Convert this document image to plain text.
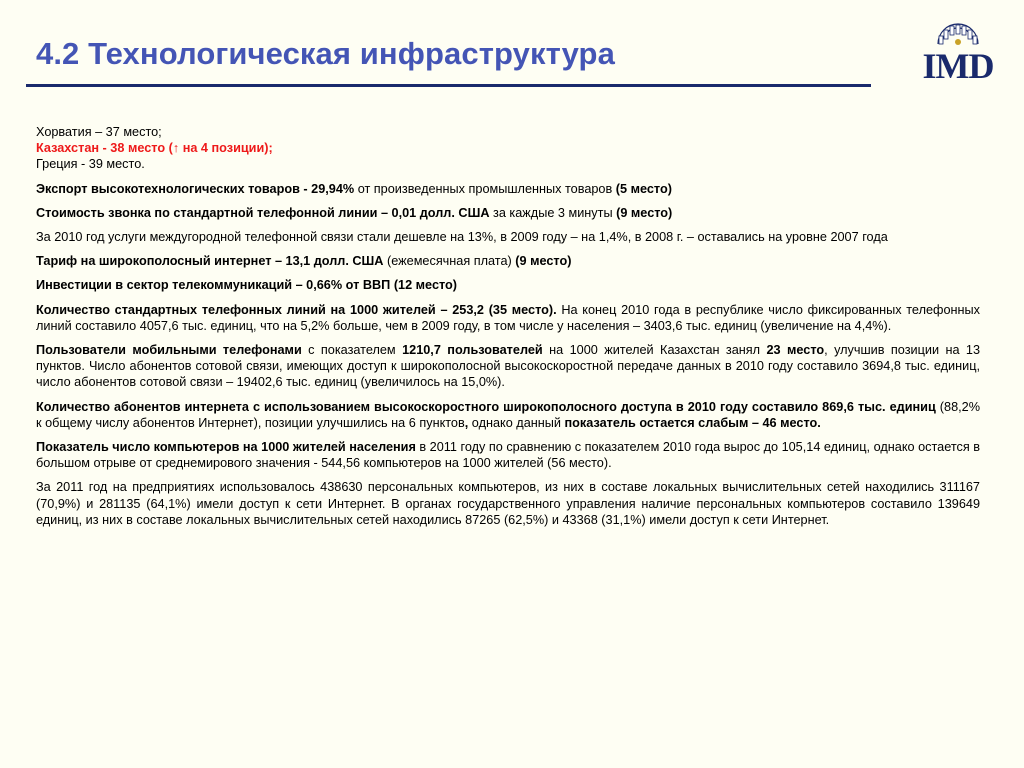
4.2 Технологическая инфраструктура	IMD

Хорватия – 37 место;

Казахстан - 38 место (↑ на 4 позиции);

Греция - 39 место.

Экспорт высокотехнологических товаров - 29,94% от произведенных промышленных товаров (5 место)

Стоимость звонка по стандартной телефонной линии – 0,01 долл. США за каждые 3 минуты (9 место)

За 2010 год услуги междугородной телефонной связи стали дешевле на 13%, в 2009 году – на 1,4%, в 2008 г. – оставались на уровне 2007 года

Тариф на широкополосный интернет – 13,1 долл. США (ежемесячная плата) (9 место)

Инвестиции в сектор телекоммуникаций – 0,66% от ВВП (12 место)

Количество стандартных телефонных линий на 1000 жителей – 253,2 (35 место). На конец 2010 года в республике число фиксированных телефонных линий составило 4057,6 тыс. единиц, что на 5,2% больше, чем в 2009 году, в том числе у населения – 3403,6 тыс. единиц (увеличение на 4,4%).

Пользователи мобильными телефонами с показателем 1210,7 пользователей на 1000 жителей Казахстан занял 23 место, улучшив позиции на 13 пунктов. Число абонентов сотовой связи, имеющих доступ к широкополосной высокоскоростной передаче данных в 2010 году составило 3694,8 тыс. единиц, число абонентов сотовой связи – 19402,6 тыс. единиц (увеличилось на 15,0%).

Количество абонентов интернета с использованием высокоскоростного широкополосного доступа в 2010 году составило 869,6 тыс. единиц (88,2% к общему числу абонентов Интернет), позиции улучшились на 6 пунктов, однако данный показатель остается слабым – 46 место.

Показатель число компьютеров на 1000 жителей населения в 2011 году по сравнению с показателем 2010 года вырос до 105,14 единиц, однако остается в большом отрыве от среднемирового значения - 544,56 компьютеров на 1000 жителей (56 место).

За 2011 год на предприятиях использовалось 438630 персональных компьютеров, из них в составе локальных вычислительных сетей находились 311167 (70,9%) и 281135 (64,1%) имели доступ к сети Интернет. В органах государственного управления наличие персональных компьютеров составило 139649 единиц, из них в составе локальных вычислительных сетей находились 87265 (62,5%) и 43368 (31,1%) имели доступ к сети Интернет.
